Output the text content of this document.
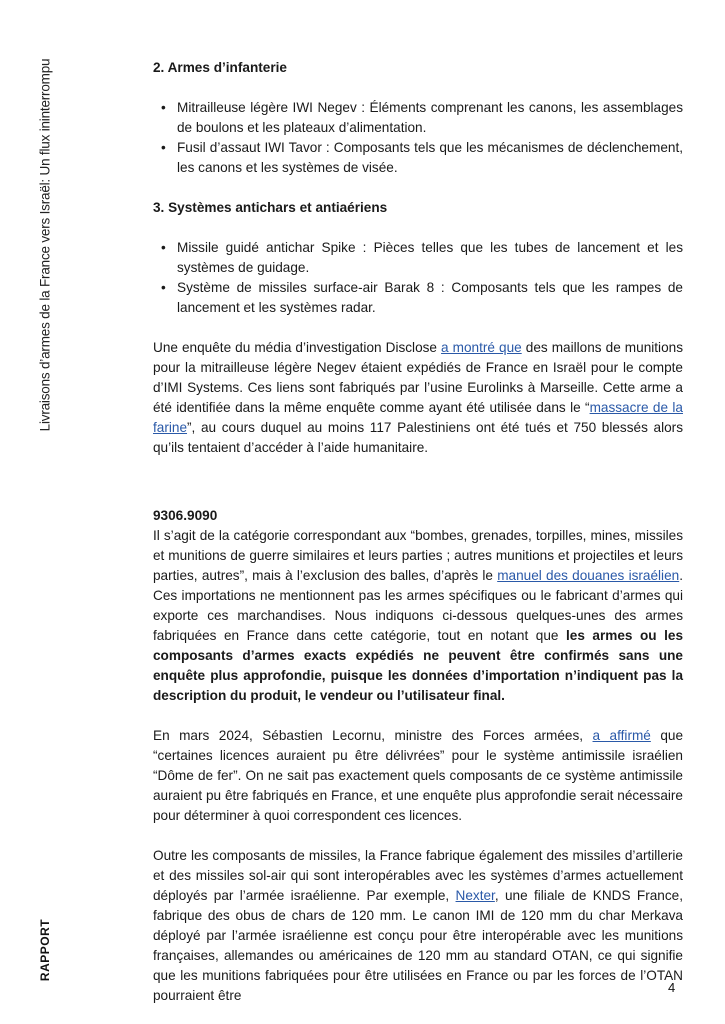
Livraisons d’armes de la France vers Israël: Un flux ininterrompu
RAPPORT
2. Armes d’infanterie
• Mitrailleuse légère IWI Negev : Éléments comprenant les canons, les assemblages de boulons et les plateaux d’alimentation.
• Fusil d’assaut IWI Tavor : Composants tels que les mécanismes de déclenchement, les canons et les systèmes de visée.
3. Systèmes antichars et antiaériens
• Missile guidé antichar Spike : Pièces telles que les tubes de lancement et les systèmes de guidage.
• Système de missiles surface-air Barak 8 : Composants tels que les rampes de lancement et les systèmes radar.

Une enquête du média d’investigation Disclose a montré que des maillons de munitions pour la mitrailleuse légère Negev étaient expédiés de France en Israël pour le compte d’IMI Systems. Ces liens sont fabriqués par l’usine Eurolinks à Marseille. Cette arme a été identifiée dans la même enquête comme ayant été utilisée dans le “massacre de la farine”, au cours duquel au moins 117 Palestiniens ont été tués et 750 blessés alors qu’ils tentaient d’accéder à l’aide humanitaire.

9306.9090

Il s’agit de la catégorie correspondant aux “bombes, grenades, torpilles, mines, missiles et munitions de guerre similaires et leurs parties ; autres munitions et projectiles et leurs parties, autres”, mais à l’exclusion des balles, d’après le manuel des douanes israélien. Ces importations ne mentionnent pas les armes spécifiques ou le fabricant d’armes qui exporte ces marchandises. Nous indiquons ci-dessous quelques-unes des armes fabriquées en France dans cette catégorie, tout en notant que les armes ou les composants d’armes exacts expédiés ne peuvent être confirmés sans une enquête plus approfondie, puisque les données d’importation n’indiquent pas la description du produit, le vendeur ou l’utilisateur final.

En mars 2024, Sébastien Lecornu, ministre des Forces armées, a affirmé que “certaines licences auraient pu être délivrées” pour le système antimissile israélien “Dôme de fer”. On ne sait pas exactement quels composants de ce système antimissile auraient pu être fabriqués en France, et une enquête plus approfondie serait nécessaire pour déterminer à quoi correspondent ces licences.

Outre les composants de missiles, la France fabrique également des missiles d’artillerie et des missiles sol-air qui sont interopérables avec les systèmes d’armes actuellement déployés par l’armée israélienne. Par exemple, Nexter, une filiale de KNDS France, fabrique des obus de chars de 120 mm. Le canon IMI de 120 mm du char Merkava déployé par l’armée israélienne est conçu pour être interopérable avec les munitions françaises, allemandes ou américaines de 120 mm au standard OTAN, ce qui signifie que les munitions fabriquées pour être utilisées en France ou par les forces de l’OTAN pourraient être

4
